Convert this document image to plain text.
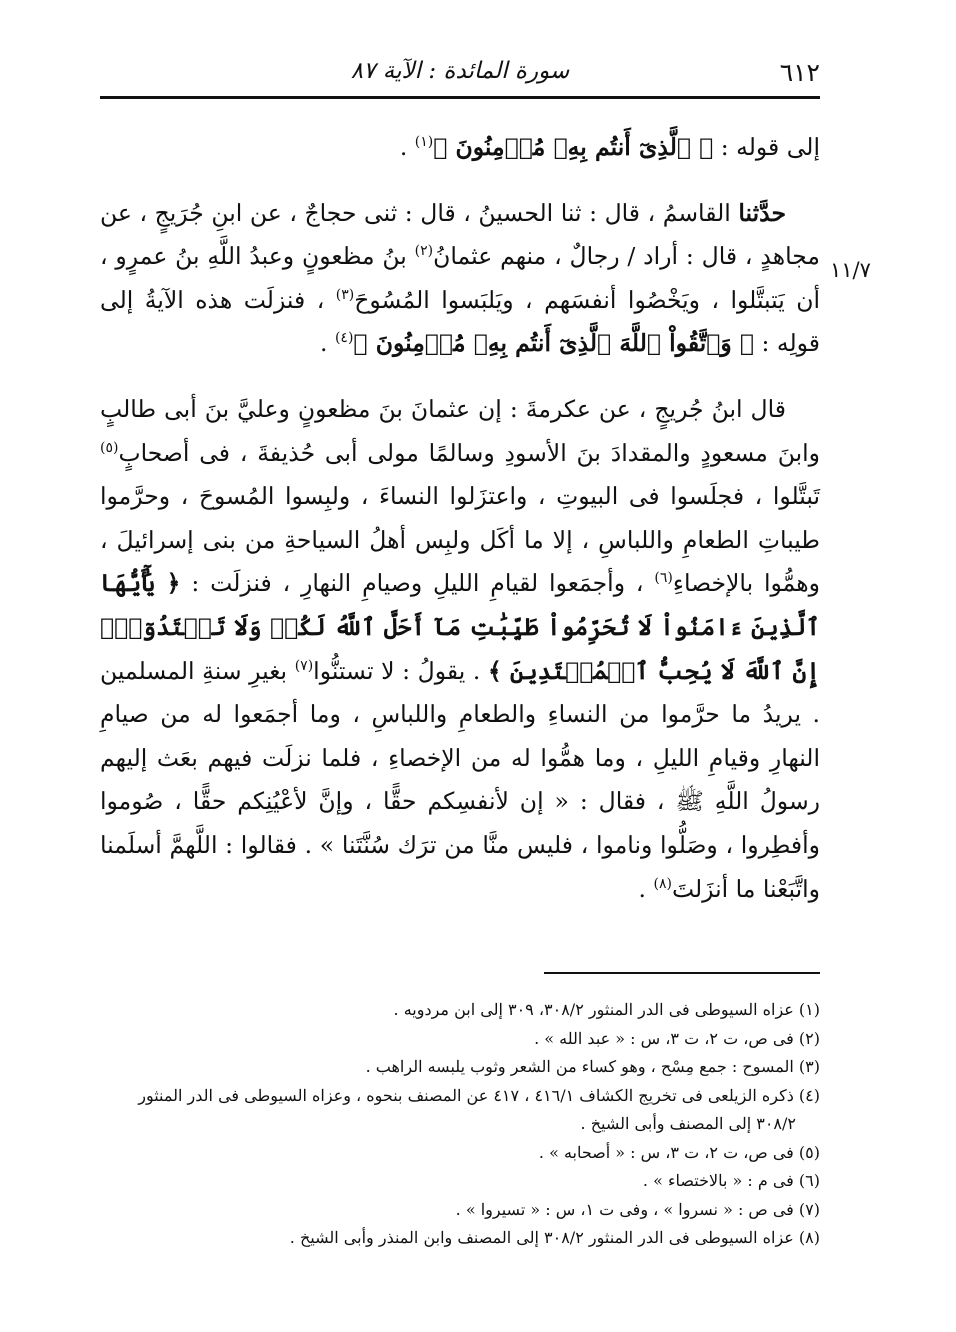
٦١٢
سورة المائدة : الآية ٨٧
١١/٧

إلى قوله : ﴿ ٱلَّذِىٓ أَنتُم بِهِۦ مُؤۡمِنُونَ ﴾$^{(١)}$ .

حدَّثنا القاسمُ ، قال : ثنا الحسينُ ، قال : ثنى حجاجٌ ، عن ابنِ جُرَيجٍ ، عن مجاهدٍ ، قال : أراد / رجالٌ ، منهم عثمانُ$^{(٢)}$ بنُ مظعونٍ وعبدُ اللَّهِ بنُ عمرٍو ، أن يَتبتَّلوا ، ويَخْصُوا أنفسَهم ، ويَلبَسوا المُسُوحَ$^{(٣)}$ ، فنزلَت هذه الآيةُ إلى قولِه : ﴿ وَٱتَّقُواْ ٱللَّهَ ٱلَّذِىٓ أَنتُم بِهِۦ مُؤۡمِنُونَ ﴾$^{(٤)}$ .

قال ابنُ جُريجٍ ، عن عكرمةَ : إن عثمانَ بنَ مظعونٍ وعليَّ بنَ أبى طالبٍ وابنَ مسعودٍ والمقدادَ بنَ الأسودِ وسالمًا مولى أبى حُذيفةَ ، فى أصحابٍ$^{(٥)}$ تَبتَّلوا ، فجلَسوا فى البيوتِ ، واعتزَلوا النساءَ ، ولبِسوا المُسوحَ ، وحرَّموا طيباتِ الطعامِ واللباسِ ، إلا ما أكَل ولبِس أهلُ السياحةِ من بنى إسرائيلَ ، وهمُّوا بالإخصاءِ$^{(٦)}$ ، وأجمَعوا لقيامِ الليلِ وصيامِ النهارِ ، فنزلَت : ﴿ يَٰٓأَيُّهَا ٱلَّذِينَ ءَامَنُواْ لَا تُحَرِّمُواْ طَيِّبَٰتِ مَآ أَحَلَّ ٱللَّهُ لَكُمۡ وَلَا تَعۡتَدُوٓاْۚ إِنَّ ٱللَّهَ لَا يُحِبُّ ٱلۡمُعۡتَدِينَ ﴾ . يقولُ : لا تستنُّوا$^{(٧)}$ بغيرِ سنةِ المسلمين . يريدُ ما حرَّموا من النساءِ والطعامِ واللباسِ ، وما أجمَعوا له من صيامِ النهارِ وقيامِ الليلِ ، وما همُّوا له من الإخصاءِ ، فلما نزلَت فيهم بعَث إليهم رسولُ اللَّهِ ﷺ ، فقال : « إن لأنفسِكم حقًّا ، وإنَّ لأعْيُنِكم حقًّا ، صُوموا وأفطِروا ، وصَلُّوا وناموا ، فليس منَّا من ترَك سُنَّتَنا » . فقالوا : اللَّهمَّ أسلَمنا واتَّبَعْنا ما أنزَلتَ$^{(٨)}$ .

(١) عزاه السيوطى فى الدر المنثور ٣٠٨/٢، ٣٠٩ إلى ابن مردويه .

(٢) فى ص، ت ٢، ت ٣، س : « عبد الله » .

(٣) المسوح : جمع مِسْح ، وهو كساء من الشعر وثوب يلبسه الراهب .

(٤) ذكره الزيلعى فى تخريج الكشاف ٤١٦/١ ، ٤١٧ عن المصنف بنحوه ، وعزاه السيوطى فى الدر المنثور

٣٠٨/٢ إلى المصنف وأبى الشيخ .

(٥) فى ص، ت ٢، ت ٣، س : « أصحابه » .

(٦) فى م : « بالاختصاء » .

(٧) فى ص : « نسروا » ، وفى ت ١، س : « تسيروا » .

(٨) عزاه السيوطى فى الدر المنثور ٣٠٨/٢ إلى المصنف وابن المنذر وأبى الشيخ .
